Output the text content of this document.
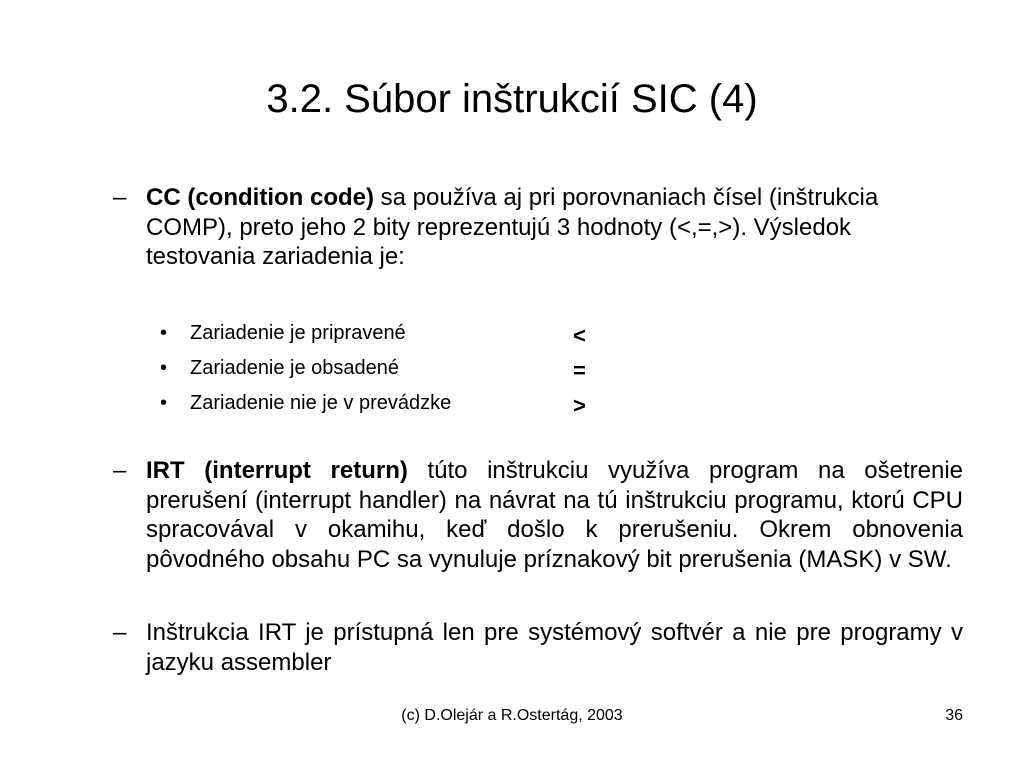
3.2. Súbor inštrukcií SIC (4)
– CC (condition code) sa používa aj pri porovnaniach čísel (inštrukcia COMP), preto jeho 2 bity reprezentujú 3 hodnoty (<,=,>). Výsledok testovania zariadenia je:
• Zariadenie je pripravené	<
• Zariadenie je obsadené	=
• Zariadenie nie je v prevádzke	>
– IRT (interrupt return) túto inštrukciu využíva program na ošetrenie prerušení (interrupt handler) na návrat na tú inštrukciu programu, ktorú CPU spracovával v okamihu, keď došlo k prerušeniu. Okrem obnovenia pôvodného obsahu PC sa vynuluje príznakový bit prerušenia (MASK) v SW.
– Inštrukcia IRT je prístupná len pre systémový softvér a nie pre programy v jazyku assembler
(c) D.Olejár a R.Ostertág, 2003	36
